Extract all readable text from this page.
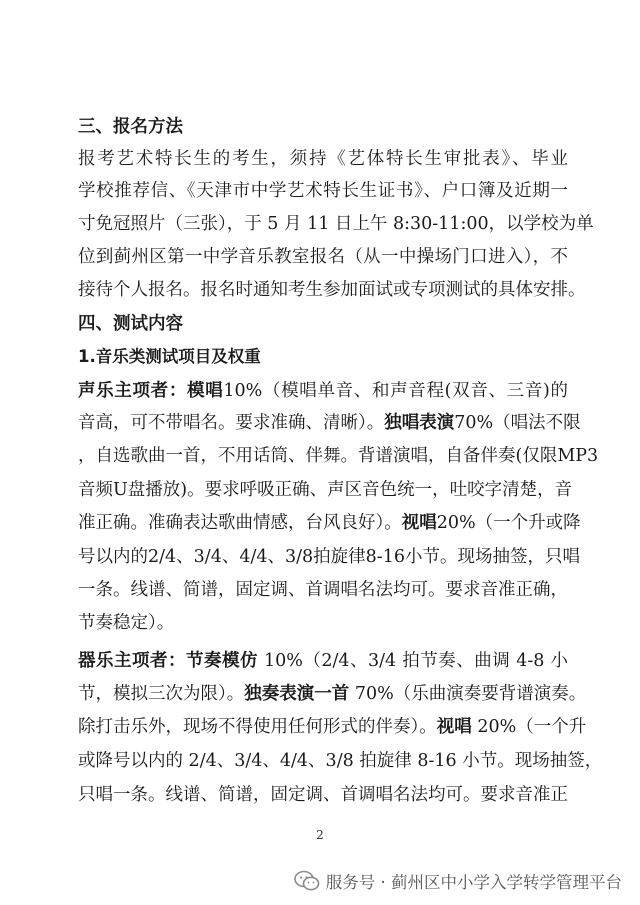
三、报名方法
报考艺术特长生的考生，须持《艺体特长生审批表》、毕业
学校推荐信、《天津市中学艺术特长生证书》、户口簿及近期一
寸免冠照片（三张），于 5 月 11 日上午 8:30-11:00，以学校为单
位到蓟州区第一中学音乐教室报名（从一中操场门口进入），不
接待个人报名。报名时通知考生参加面试或专项测试的具体安排。
四、测试内容
1.音乐类测试项目及权重
声乐主项者：模唱10%（模唱单音、和声音程(双音、三音)的
音高，可不带唱名。要求准确、清晰）。独唱表演70%（唱法不限
，自选歌曲一首，不用话筒、伴舞。背谱演唱，自备伴奏(仅限MP3
音频U盘播放)。要求呼吸正确、声区音色统一，吐咬字清楚，音
准正确。准确表达歌曲情感，台风良好）。视唱20%（一个升或降
号以内的2/4、3/4、4/4、3/8拍旋律8-16小节。现场抽签，只唱
一条。线谱、简谱，固定调、首调唱名法均可。要求音准正确，
节奏稳定）。
器乐主项者：节奏模仿 10%（2/4、3/4 拍节奏、曲调 4-8 小
节，模拟三次为限）。独奏表演一首 70%（乐曲演奏要背谱演奏。
除打击乐外，现场不得使用任何形式的伴奏）。视唱 20%（一个升
或降号以内的 2/4、3/4、4/4、3/8 拍旋律 8-16 小节。现场抽签，
只唱一条。线谱、简谱，固定调、首调唱名法均可。要求音准正
2
服务号 · 蓟州区中小学入学转学管理平台
